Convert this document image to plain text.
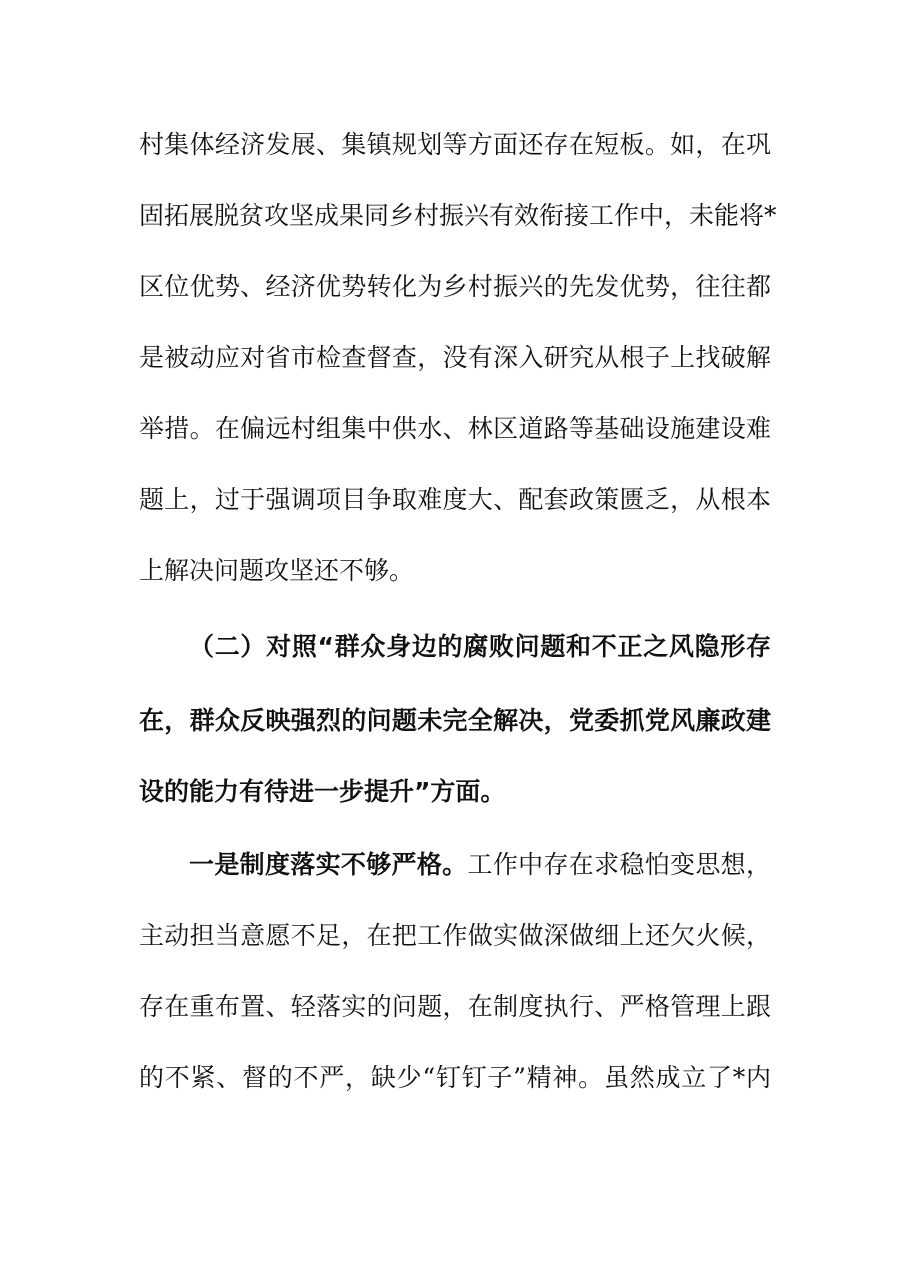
村集体经济发展、集镇规划等方面还存在短板。如，在巩

固拓展脱贫攻坚成果同乡村振兴有效衔接工作中，未能将*

区位优势、经济优势转化为乡村振兴的先发优势，往往都

是被动应对省市检查督查，没有深入研究从根子上找破解

举措。在偏远村组集中供水、林区道路等基础设施建设难

题上，过于强调项目争取难度大、配套政策匮乏，从根本

上解决问题攻坚还不够。

（二）对照“群众身边的腐败问题和不正之风隐形存

在，群众反映强烈的问题未完全解决，党委抓党风廉政建

设的能力有待进一步提升”方面。

一是制度落实不够严格。工作中存在求稳怕变思想，

主动担当意愿不足，在把工作做实做深做细上还欠火候，

存在重布置、轻落实的问题，在制度执行、严格管理上跟

的不紧、督的不严，缺少“钉钉子”精神。虽然成立了*内
